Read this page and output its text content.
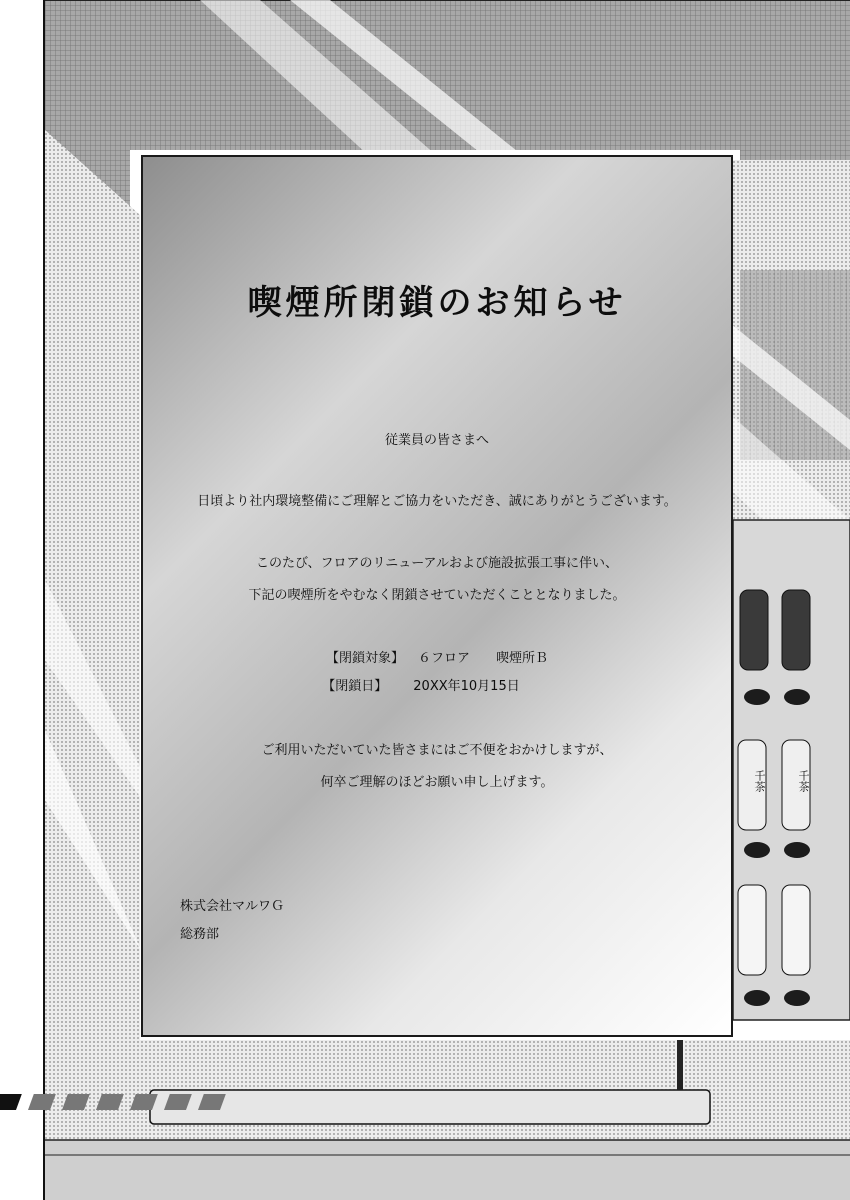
喫煙所閉鎖のお知らせ
従業員の皆さまへ
日頃より社内環境整備にご理解とご協力をいただき、誠にありがとうございます。
このたび、フロアのリニューアルおよび施設拡張工事に伴い、
下記の喫煙所をやむなく閉鎖させていただくこととなりました。
【閉鎖対象】 ６フロア 喫煙所Ｂ
【閉鎖日】 20XX年10月15日
ご利用いただいていた皆さまにはご不便をおかけしますが、
何卒ご理解のほどお願い申し上げます。
株式会社マルワＧ
総務部
千茶	千茶
